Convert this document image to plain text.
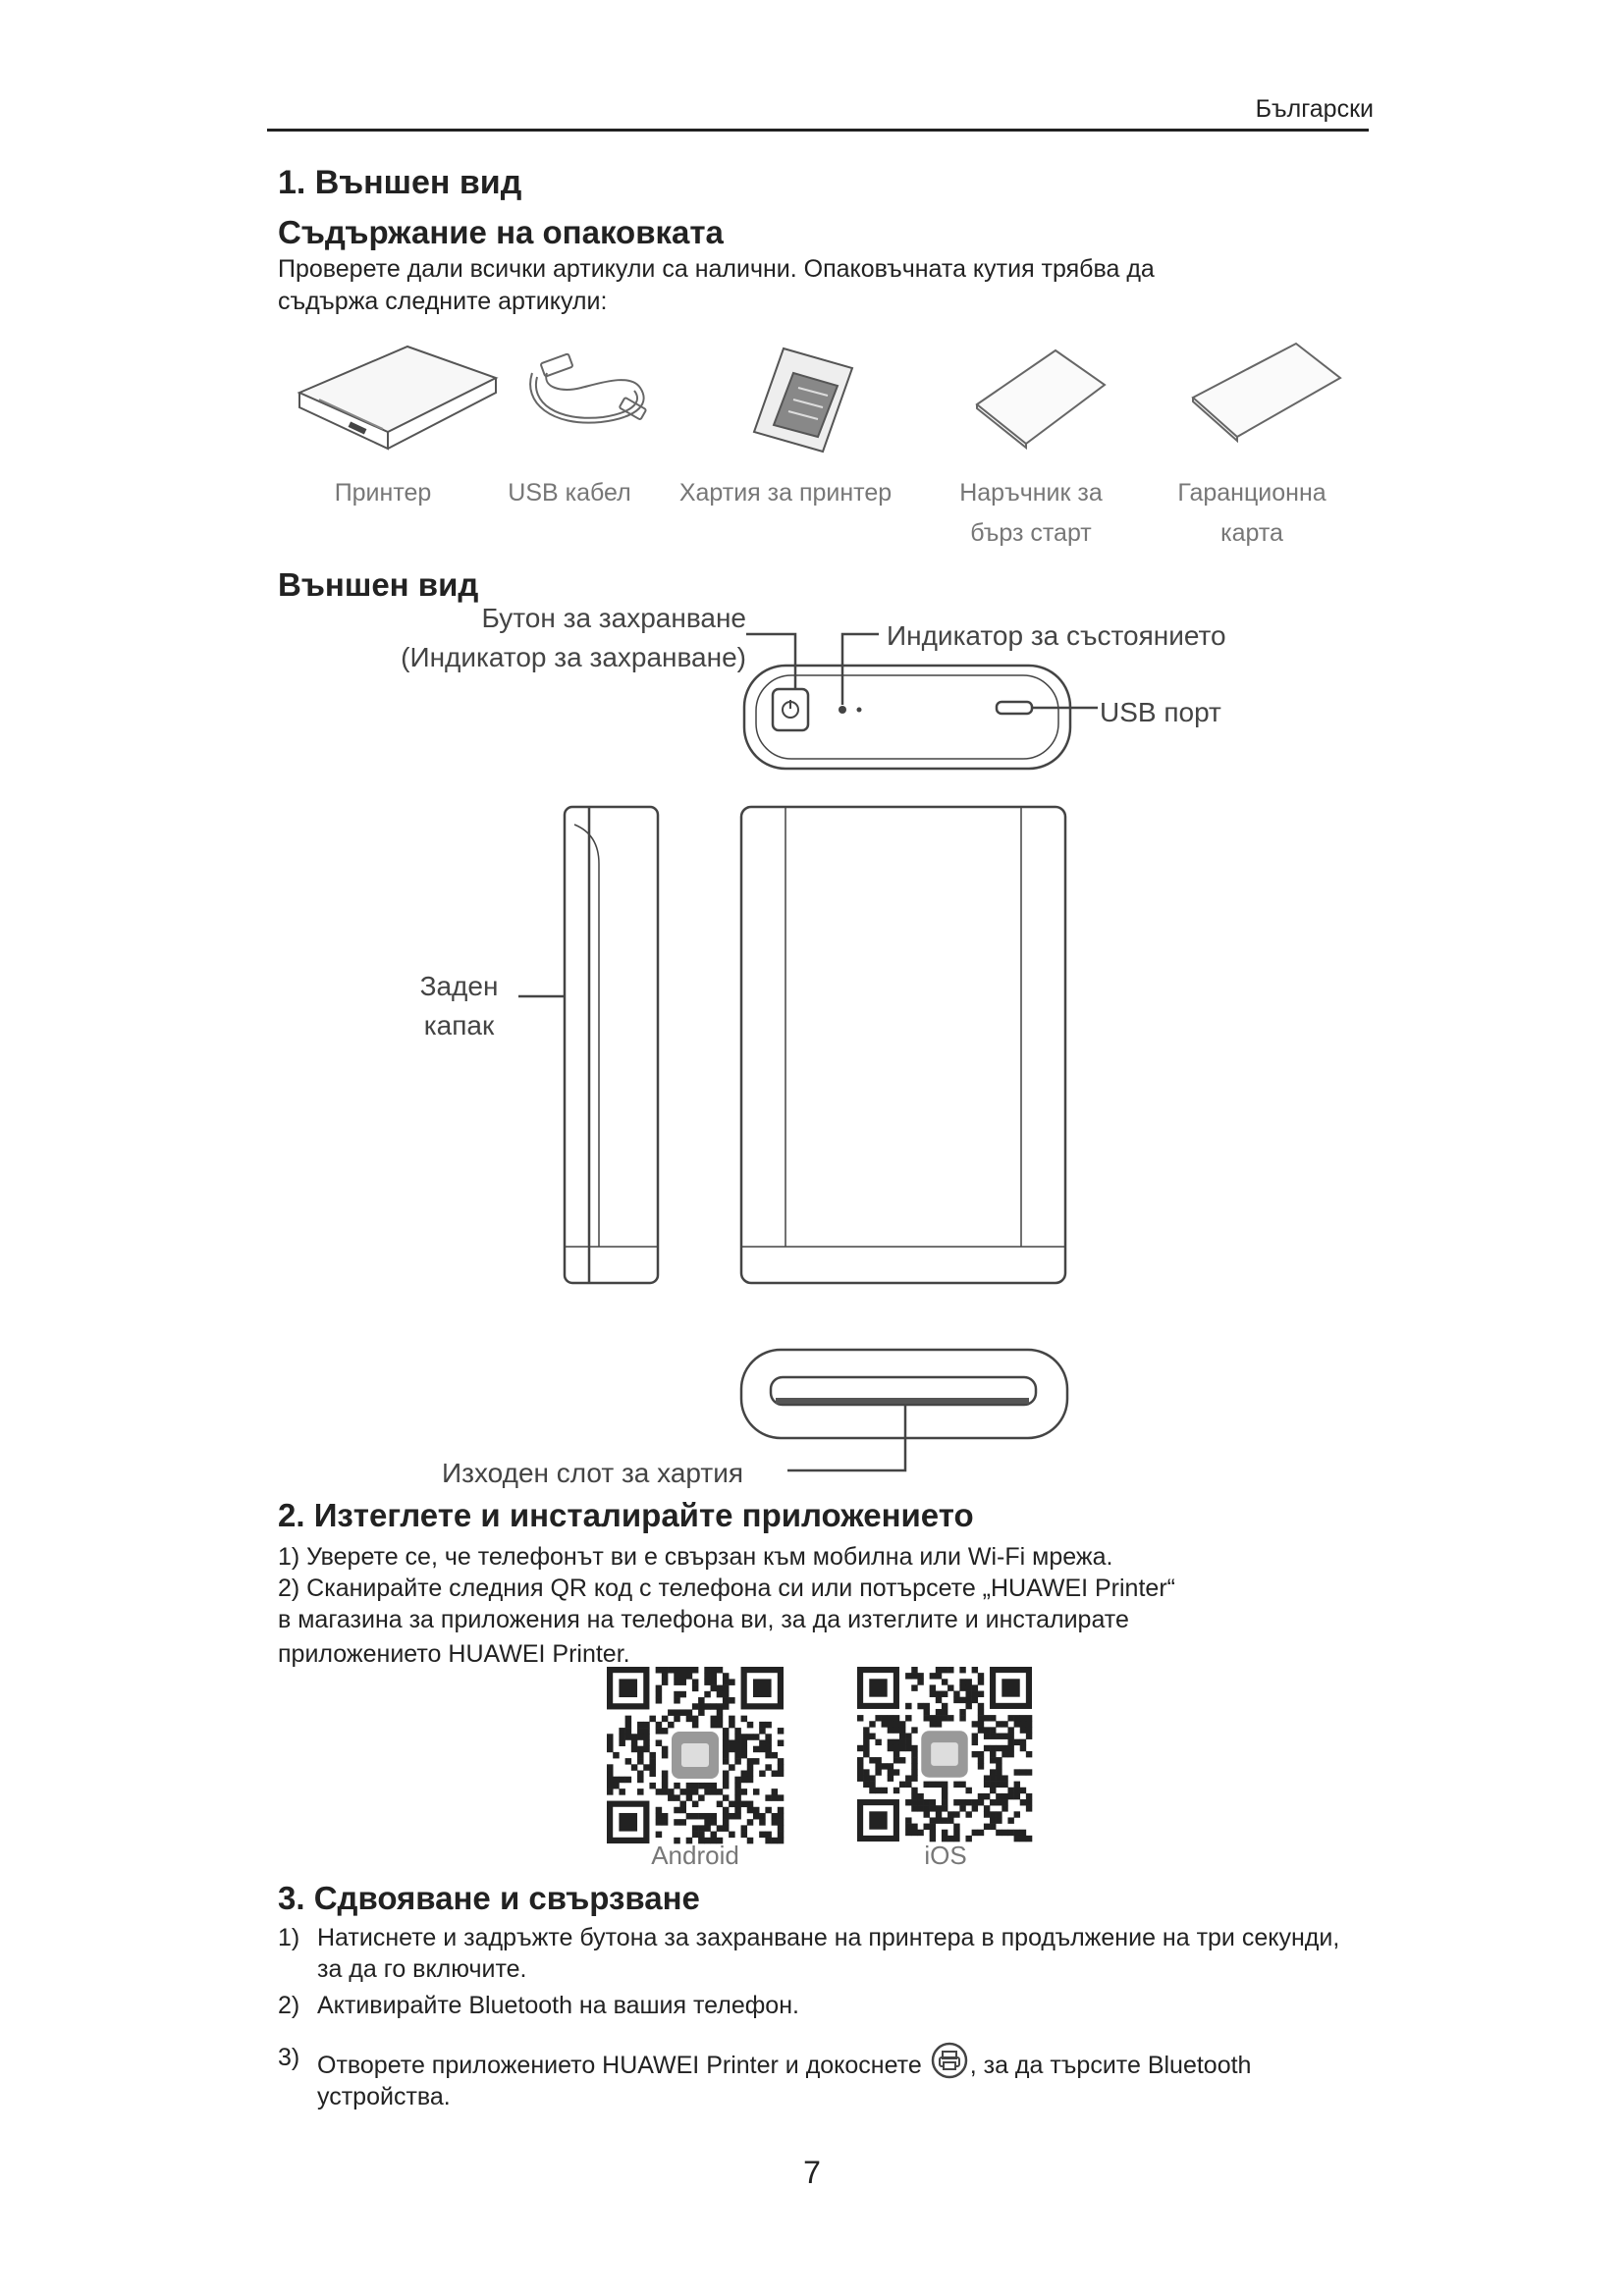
Български
1. Външен вид
Съдържание на опаковката
Проверете дали всички артикули са налични. Опаковъчната кутия трябва да
съдържа следните артикули:
Принтер	USB кабел	Хартия за принтер	Наръчник за
бърз старт
Гаранционна
карта
Външен вид
Бутон за захранване
(Индикатор за захранване)
Индикатор за състоянието
USB порт
Заден
капак
Изходен слот за хартия
2. Изтеглете и инсталирайте приложението
1) Уверете се, че телефонът ви е свързан към мобилна или Wi-Fi мрежа.
2) Сканирайте следния QR код с телефона си или потърсете „HUAWEI Printer“
в магазина за приложения на телефона ви, за да изтеглите и инсталирате
приложението HUAWEI Printer.
Android	iOS
3. Сдвояване и свързване
1) Натиснете и задръжте бутона за захранване на принтера в продължение на три секунди, за да го включите.
2) Активирайте Bluetooth на вашия телефон.
3) Отворете приложението HUAWEI Printer и докоснете , за да търсите Bluetooth устройства.
7
